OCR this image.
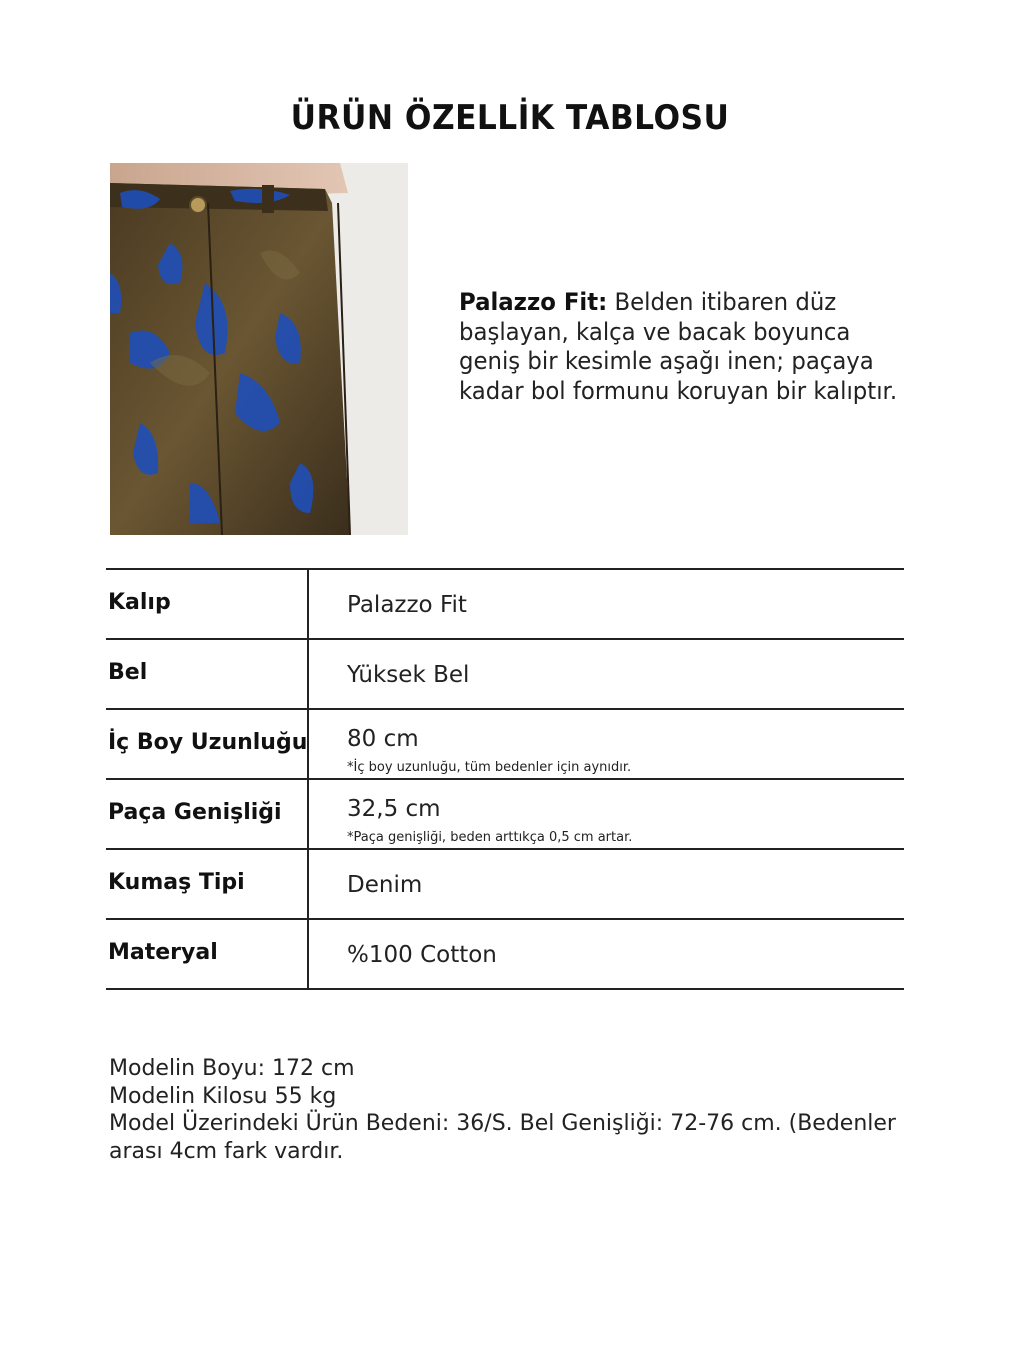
ÜRÜN ÖZELLİK TABLOSU
Palazzo Fit: Belden itibaren düz başlayan, kalça ve bacak boyunca geniş bir kesimle aşağı inen; paçaya kadar bol formunu koruyan bir kalıptır.
Kalıp	Palazzo Fit
Bel	Yüksek Bel
İç Boy Uzunluğu 80 cm
*İç boy uzunluğu, tüm bedenler için aynıdır.
Paça Genişliği	32,5 cm
*Paça genişliği, beden arttıkça 0,5 cm artar.
Kumaş Tipi	Denim
Materyal	%100 Cotton
Modelin Boyu: 172 cm
Modelin Kilosu 55 kg
Model Üzerindeki Ürün Bedeni: 36/S. Bel Genişliği: 72-76 cm. (Bedenler arası 4cm fark vardır.
